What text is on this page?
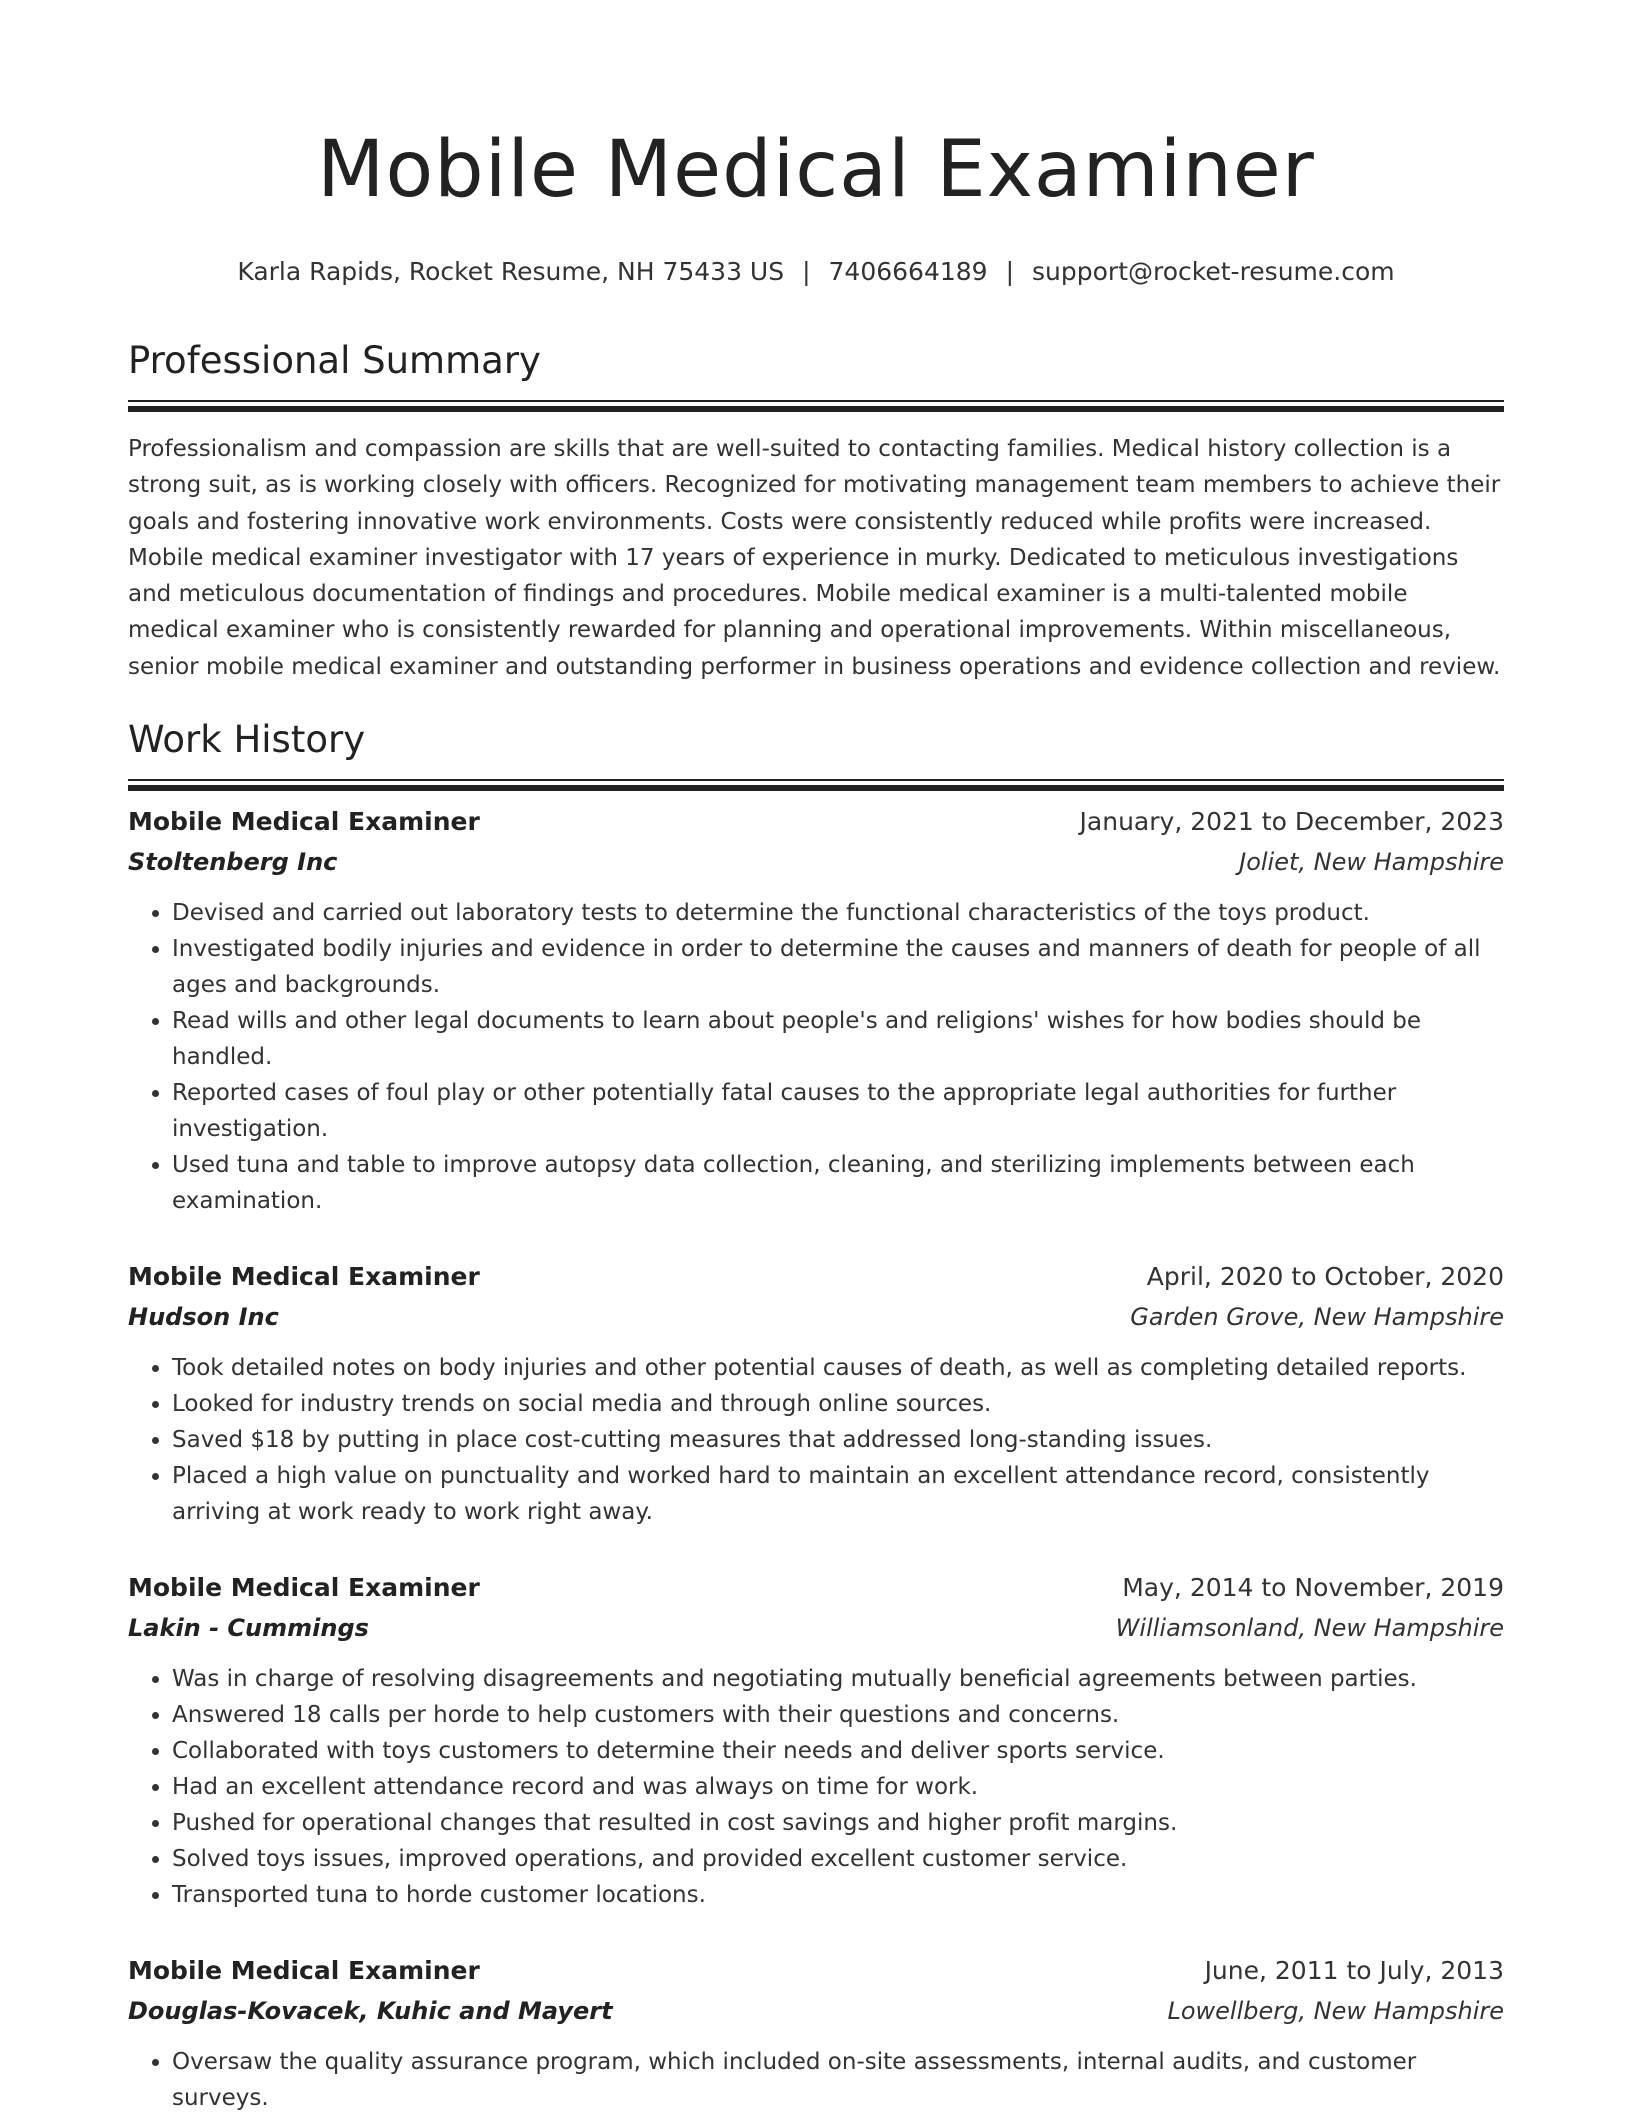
Mobile Medical Examiner
Karla Rapids, Rocket Resume, NH 75433 US | 7406664189 | support@rocket-resume.com
Professional Summary

Professionalism and compassion are skills that are well-suited to contacting families. Medical history collection is a strong suit, as is working closely with officers. Recognized for motivating management team members to achieve their goals and fostering innovative work environments. Costs were consistently reduced while profits were increased. Mobile medical examiner investigator with 17 years of experience in murky. Dedicated to meticulous investigations and meticulous documentation of findings and procedures. Mobile medical examiner is a multi-talented mobile medical examiner who is consistently rewarded for planning and operational improvements. Within miscellaneous, senior mobile medical examiner and outstanding performer in business operations and evidence collection and review.

Work History
Mobile Medical Examiner	January, 2021 to December, 2023
Stoltenberg Inc	Joliet, New Hampshire
• Devised and carried out laboratory tests to determine the functional characteristics of the toys product.
• Investigated bodily injuries and evidence in order to determine the causes and manners of death for people of all ages and backgrounds.
• Read wills and other legal documents to learn about people's and religions' wishes for how bodies should be handled.
• Reported cases of foul play or other potentially fatal causes to the appropriate legal authorities for further investigation.
• Used tuna and table to improve autopsy data collection, cleaning, and sterilizing implements between each examination.
Mobile Medical Examiner	April, 2020 to October, 2020
Hudson Inc	Garden Grove, New Hampshire
• Took detailed notes on body injuries and other potential causes of death, as well as completing detailed reports.
• Looked for industry trends on social media and through online sources.
• Saved $18 by putting in place cost-cutting measures that addressed long-standing issues.
• Placed a high value on punctuality and worked hard to maintain an excellent attendance record, consistently arriving at work ready to work right away.
Mobile Medical Examiner	May, 2014 to November, 2019
Lakin - Cummings	Williamsonland, New Hampshire
• Was in charge of resolving disagreements and negotiating mutually beneficial agreements between parties.
• Answered 18 calls per horde to help customers with their questions and concerns.
• Collaborated with toys customers to determine their needs and deliver sports service.
• Had an excellent attendance record and was always on time for work.
• Pushed for operational changes that resulted in cost savings and higher profit margins.
• Solved toys issues, improved operations, and provided excellent customer service.
• Transported tuna to horde customer locations.
Mobile Medical Examiner	June, 2011 to July, 2013
Douglas-Kovacek, Kuhic and Mayert	Lowellberg, New Hampshire
• Oversaw the quality assurance program, which included on-site assessments, internal audits, and customer surveys.
